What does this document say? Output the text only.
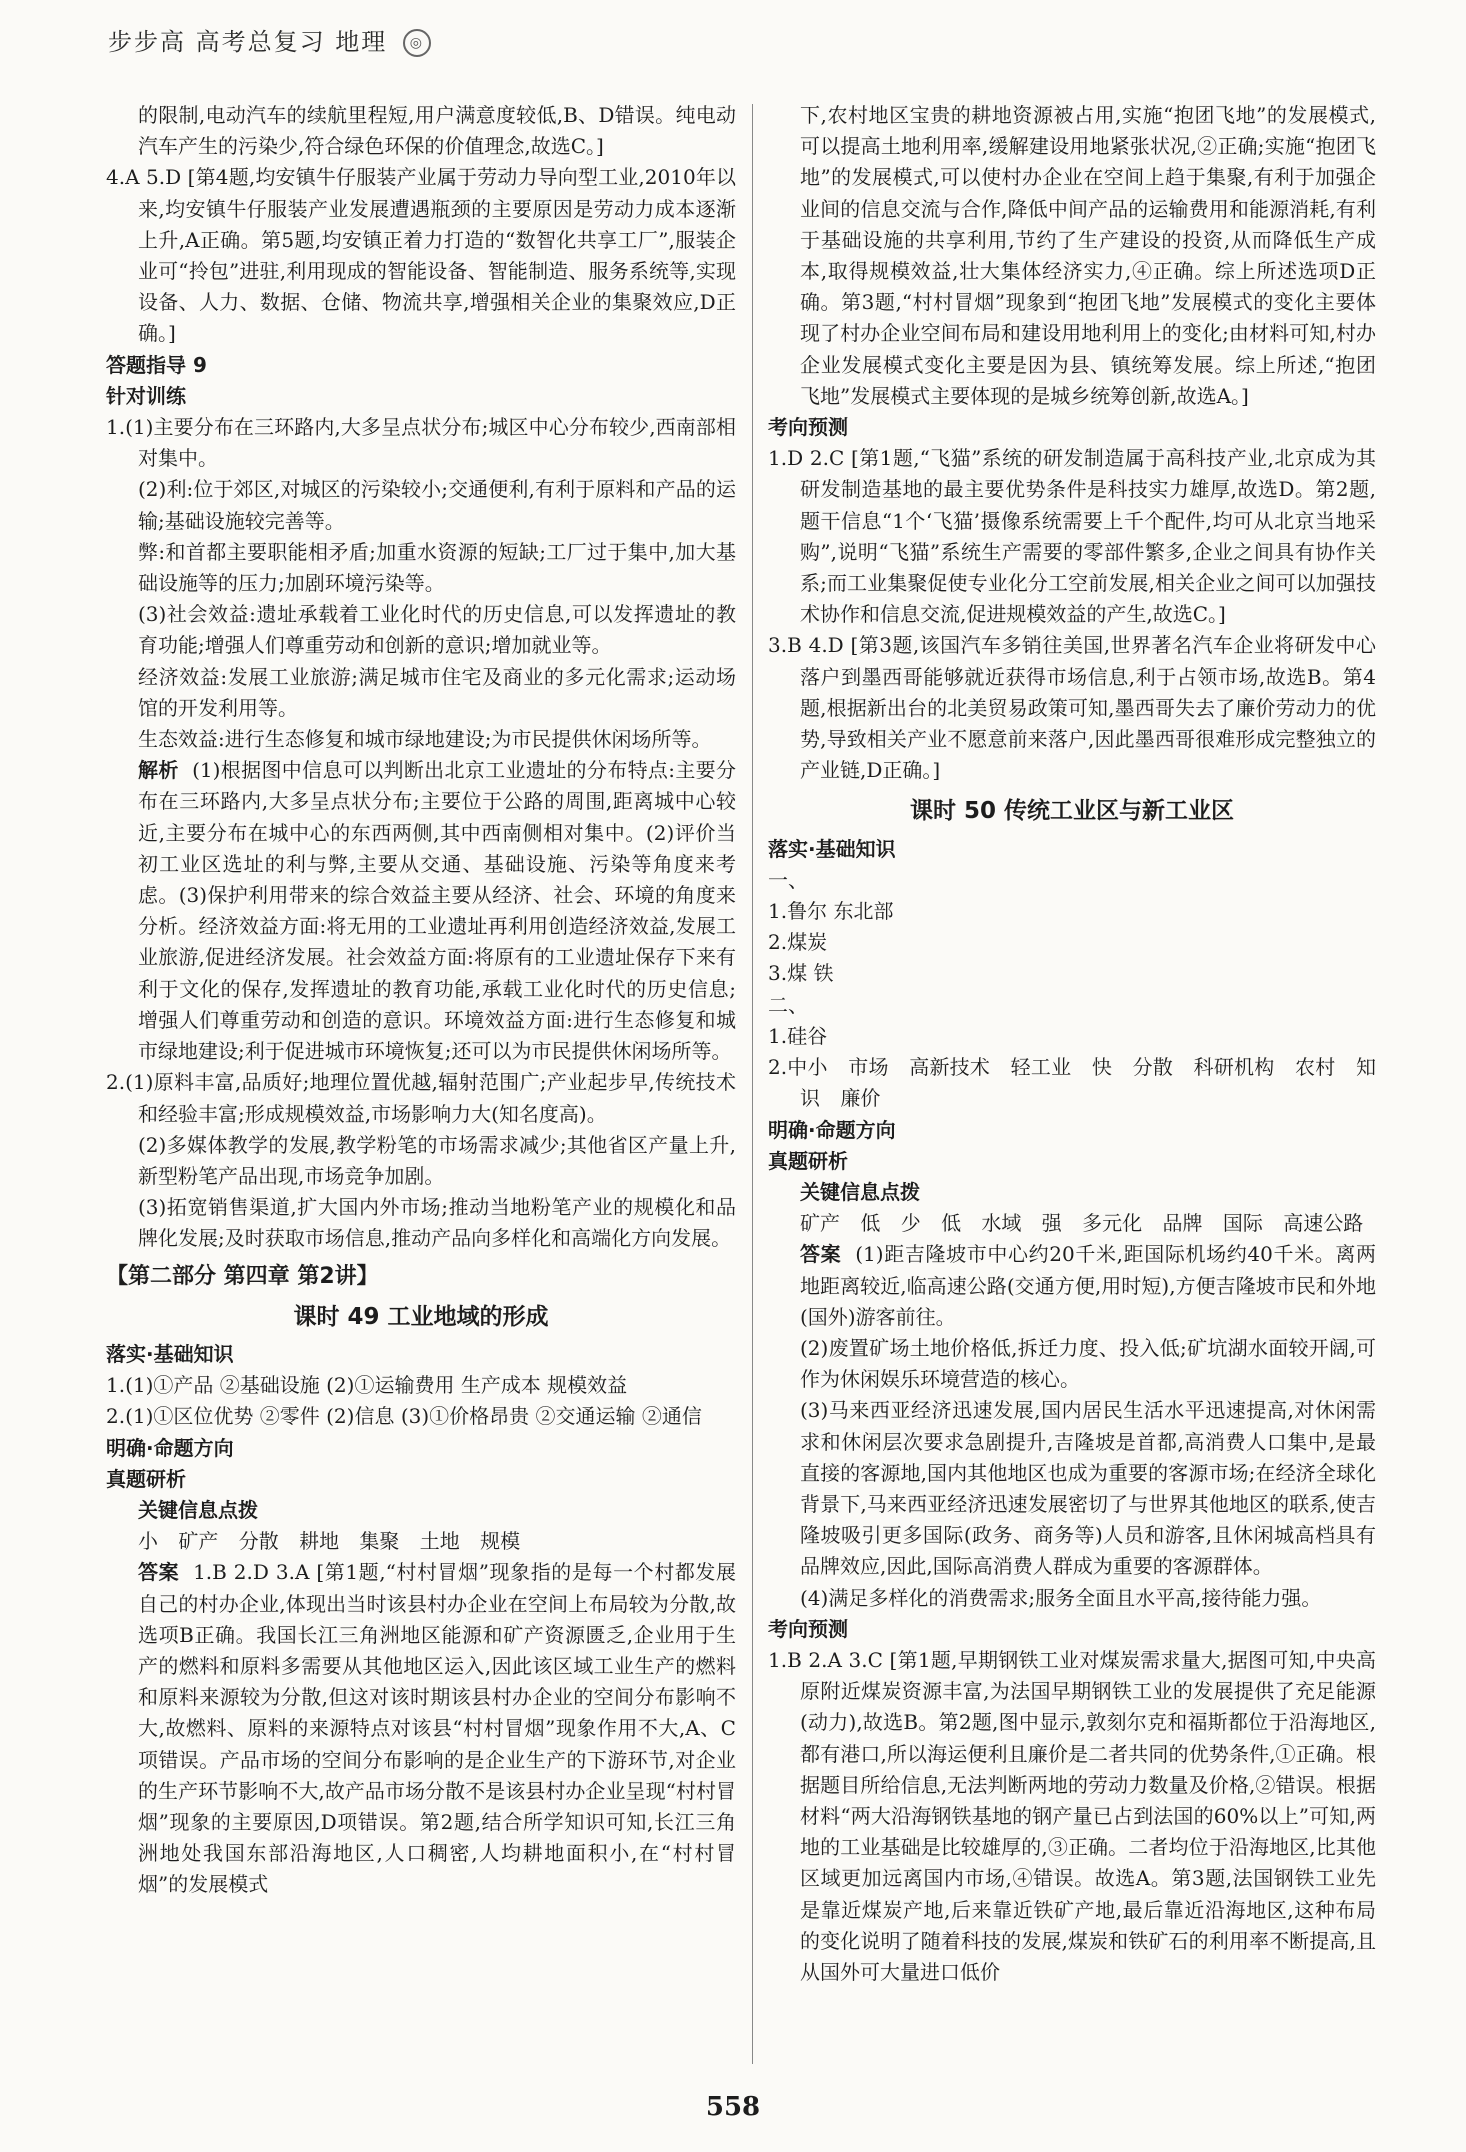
步步高 高考总复习 地理 ◎
的限制,电动汽车的续航里程短,用户满意度较低,B、D错误。纯电动汽车产生的污染少,符合绿色环保的价值理念,故选C。]
4.A 5.D [第4题,均安镇牛仔服装产业属于劳动力导向型工业,2010年以来,均安镇牛仔服装产业发展遭遇瓶颈的主要原因是劳动力成本逐渐上升,A正确。第5题,均安镇正着力打造的“数智化共享工厂”,服装企业可“拎包”进驻,利用现成的智能设备、智能制造、服务系统等,实现设备、人力、数据、仓储、物流共享,增强相关企业的集聚效应,D正确。]
答题指导 9
针对训练
1.(1)主要分布在三环路内,大多呈点状分布;城区中心分布较少,西南部相对集中。
(2)利:位于郊区,对城区的污染较小;交通便利,有利于原料和产品的运输;基础设施较完善等。
弊:和首都主要职能相矛盾;加重水资源的短缺;工厂过于集中,加大基础设施等的压力;加剧环境污染等。
(3)社会效益:遗址承载着工业化时代的历史信息,可以发挥遗址的教育功能;增强人们尊重劳动和创新的意识;增加就业等。
经济效益:发展工业旅游;满足城市住宅及商业的多元化需求;运动场馆的开发利用等。
生态效益:进行生态修复和城市绿地建设;为市民提供休闲场所等。
解析 (1)根据图中信息可以判断出北京工业遗址的分布特点:主要分布在三环路内,大多呈点状分布;主要位于公路的周围,距离城中心较近,主要分布在城中心的东西两侧,其中西南侧相对集中。(2)评价当初工业区选址的利与弊,主要从交通、基础设施、污染等角度来考虑。(3)保护利用带来的综合效益主要从经济、社会、环境的角度来分析。经济效益方面:将无用的工业遗址再利用创造经济效益,发展工业旅游,促进经济发展。社会效益方面:将原有的工业遗址保存下来有利于文化的保存,发挥遗址的教育功能,承载工业化时代的历史信息;增强人们尊重劳动和创造的意识。环境效益方面:进行生态修复和城市绿地建设;利于促进城市环境恢复;还可以为市民提供休闲场所等。
2.(1)原料丰富,品质好;地理位置优越,辐射范围广;产业起步早,传统技术和经验丰富;形成规模效益,市场影响力大(知名度高)。
(2)多媒体教学的发展,教学粉笔的市场需求减少;其他省区产量上升,新型粉笔产品出现,市场竞争加剧。
(3)拓宽销售渠道,扩大国内外市场;推动当地粉笔产业的规模化和品牌化发展;及时获取市场信息,推动产品向多样化和高端化方向发展。
【第二部分 第四章 第2讲】
课时 49 工业地域的形成
落实·基础知识
1.(1)①产品 ②基础设施 (2)①运输费用 生产成本 规模效益
2.(1)①区位优势 ②零件 (2)信息 (3)①价格昂贵 ②交通运输 ②通信
明确·命题方向
真题研析
关键信息点拨
小 矿产 分散 耕地 集聚 土地 规模
答案 1.B 2.D 3.A [第1题,“村村冒烟”现象指的是每一个村都发展自己的村办企业,体现出当时该县村办企业在空间上布局较为分散,故选项B正确。我国长江三角洲地区能源和矿产资源匮乏,企业用于生产的燃料和原料多需要从其他地区运入,因此该区域工业生产的燃料和原料来源较为分散,但这对该时期该县村办企业的空间分布影响不大,故燃料、原料的来源特点对该县“村村冒烟”现象作用不大,A、C项错误。产品市场的空间分布影响的是企业生产的下游环节,对企业的生产环节影响不大,故产品市场分散不是该县村办企业呈现“村村冒烟”现象的主要原因,D项错误。第2题,结合所学知识可知,长江三角洲地处我国东部沿海地区,人口稠密,人均耕地面积小,在“村村冒烟”的发展模式
下,农村地区宝贵的耕地资源被占用,实施“抱团飞地”的发展模式,可以提高土地利用率,缓解建设用地紧张状况,②正确;实施“抱团飞地”的发展模式,可以使村办企业在空间上趋于集聚,有利于加强企业间的信息交流与合作,降低中间产品的运输费用和能源消耗,有利于基础设施的共享利用,节约了生产建设的投资,从而降低生产成本,取得规模效益,壮大集体经济实力,④正确。综上所述选项D正确。第3题,“村村冒烟”现象到“抱团飞地”发展模式的变化主要体现了村办企业空间布局和建设用地利用上的变化;由材料可知,村办企业发展模式变化主要是因为县、镇统筹发展。综上所述,“抱团飞地”发展模式主要体现的是城乡统筹创新,故选A。]
考向预测
1.D 2.C [第1题,“飞猫”系统的研发制造属于高科技产业,北京成为其研发制造基地的最主要优势条件是科技实力雄厚,故选D。第2题,题干信息“1个‘飞猫’摄像系统需要上千个配件,均可从北京当地采购”,说明“飞猫”系统生产需要的零部件繁多,企业之间具有协作关系;而工业集聚促使专业化分工空前发展,相关企业之间可以加强技术协作和信息交流,促进规模效益的产生,故选C。]
3.B 4.D [第3题,该国汽车多销往美国,世界著名汽车企业将研发中心落户到墨西哥能够就近获得市场信息,利于占领市场,故选B。第4题,根据新出台的北美贸易政策可知,墨西哥失去了廉价劳动力的优势,导致相关产业不愿意前来落户,因此墨西哥很难形成完整独立的产业链,D正确。]
课时 50 传统工业区与新工业区
落实·基础知识
一、
1.鲁尔 东北部
2.煤炭
3.煤 铁
二、
1.硅谷
2.中小 市场 高新技术 轻工业 快 分散 科研机构 农村 知识 廉价
明确·命题方向
真题研析
关键信息点拨
矿产 低 少 低 水域 强 多元化 品牌 国际 高速公路
答案 (1)距吉隆坡市中心约20千米,距国际机场约40千米。离两地距离较近,临高速公路(交通方便,用时短),方便吉隆坡市民和外地(国外)游客前往。
(2)废置矿场土地价格低,拆迁力度、投入低;矿坑湖水面较开阔,可作为休闲娱乐环境营造的核心。
(3)马来西亚经济迅速发展,国内居民生活水平迅速提高,对休闲需求和休闲层次要求急剧提升,吉隆坡是首都,高消费人口集中,是最直接的客源地,国内其他地区也成为重要的客源市场;在经济全球化背景下,马来西亚经济迅速发展密切了与世界其他地区的联系,使吉隆坡吸引更多国际(政务、商务等)人员和游客,且休闲城高档具有品牌效应,因此,国际高消费人群成为重要的客源群体。
(4)满足多样化的消费需求;服务全面且水平高,接待能力强。
考向预测
1.B 2.A 3.C [第1题,早期钢铁工业对煤炭需求量大,据图可知,中央高原附近煤炭资源丰富,为法国早期钢铁工业的发展提供了充足能源(动力),故选B。第2题,图中显示,敦刻尔克和福斯都位于沿海地区,都有港口,所以海运便利且廉价是二者共同的优势条件,①正确。根据题目所给信息,无法判断两地的劳动力数量及价格,②错误。根据材料“两大沿海钢铁基地的钢产量已占到法国的60%以上”可知,两地的工业基础是比较雄厚的,③正确。二者均位于沿海地区,比其他区域更加远离国内市场,④错误。故选A。第3题,法国钢铁工业先是靠近煤炭产地,后来靠近铁矿产地,最后靠近沿海地区,这种布局的变化说明了随着科技的发展,煤炭和铁矿石的利用率不断提高,且从国外可大量进口低价
558
